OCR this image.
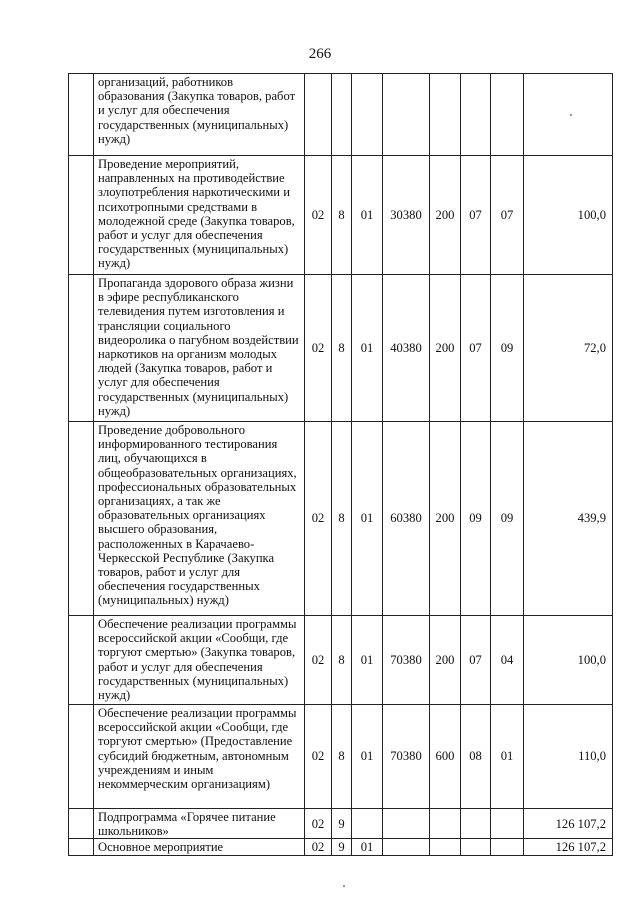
266
	организаций, работников образования (Закупка товаров, работ и услуг для обеспечения государственных (муниципальных) нужд)								
	Проведение мероприятий, направленных на противодействие злоупотребления наркотическими и психотропными средствами в молодежной среде (Закупка товаров, работ и услуг для обеспечения государственных (муниципальных) нужд)	02	8	01	30380	200	07	07	100,0
	Пропаганда здорового образа жизни в эфире республиканского телевидения путем изготовления и трансляции социального видеоролика о пагубном воздействии наркотиков на организм молодых людей (Закупка товаров, работ и услуг для обеспечения государственных (муниципальных) нужд)	02	8	01	40380	200	07	09	72,0
	Проведение добровольного информированного тестирования лиц, обучающихся в общеобразовательных организациях, профессиональных образовательных организациях, а так же образовательных организациях высшего образования, расположенных в Карачаево-Черкесской Республике (Закупка товаров, работ и услуг для обеспечения государственных (муниципальных) нужд)	02	8	01	60380	200	09	09	439,9
	Обеспечение реализации программы всероссийской акции «Сообщи, где торгуют смертью» (Закупка товаров, работ и услуг для обеспечения государственных (муниципальных) нужд)	02	8	01	70380	200	07	04	100,0
	Обеспечение реализации программы всероссийской акции «Сообщи, где торгуют смертью» (Предоставление субсидий бюджетным, автономным учреждениям и иным некоммерческим организациям)	02	8	01	70380	600	08	01	110,0
	Подпрограмма «Горячее питание школьников»	02	9						126 107,2
	Основное мероприятие	02	9	01					126 107,2
